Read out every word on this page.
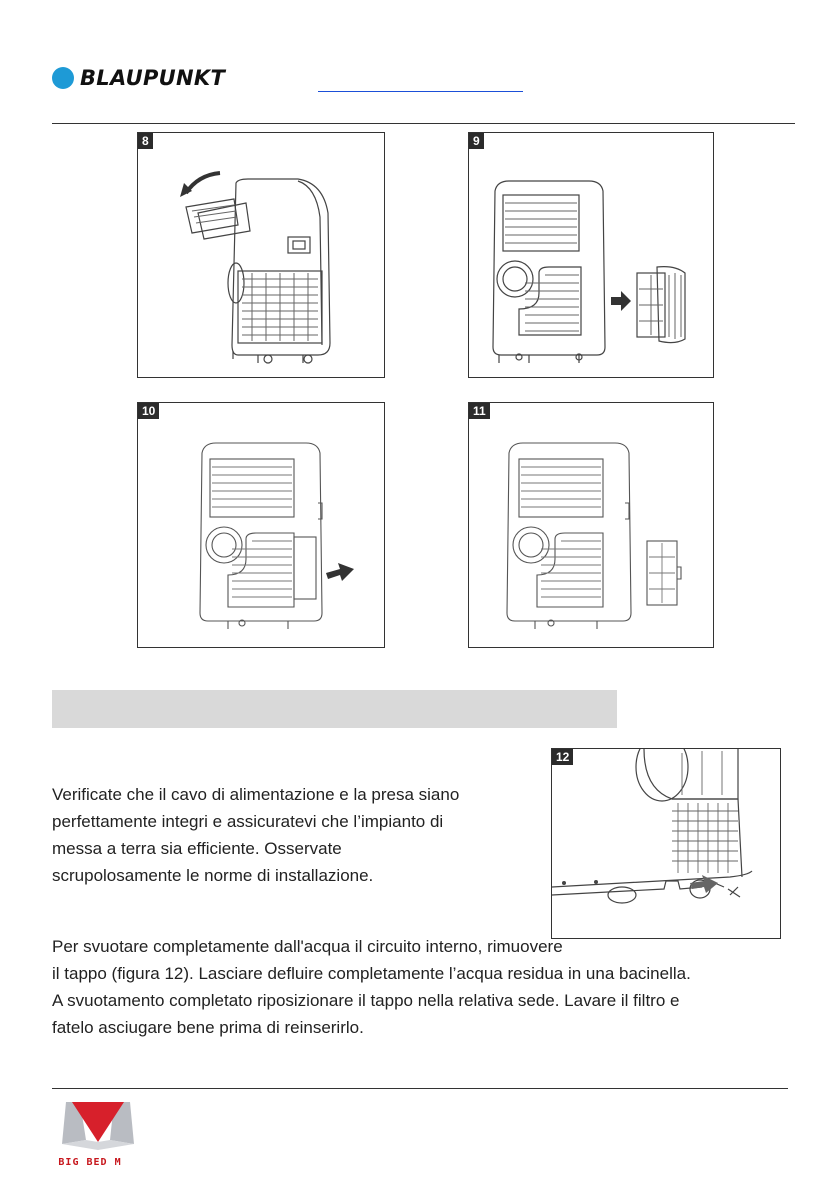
BLAUPUNKT
8	9
10	11
12
Verificate che il cavo di alimentazione e la presa siano
perfettamente integri e assicuratevi che l’impianto di
messa a terra sia efficiente. Osservate
scrupolosamente le norme di installazione.
Per svuotare completamente dall'acqua il circuito interno, rimuovere
il tappo (figura 12). Lasciare defluire completamente l’acqua residua in una bacinella.
A svuotamento completato riposizionare il tappo nella relativa sede. Lavare il filtro e
fatelo asciugare bene prima di reinserirlo.
BIG BED M
